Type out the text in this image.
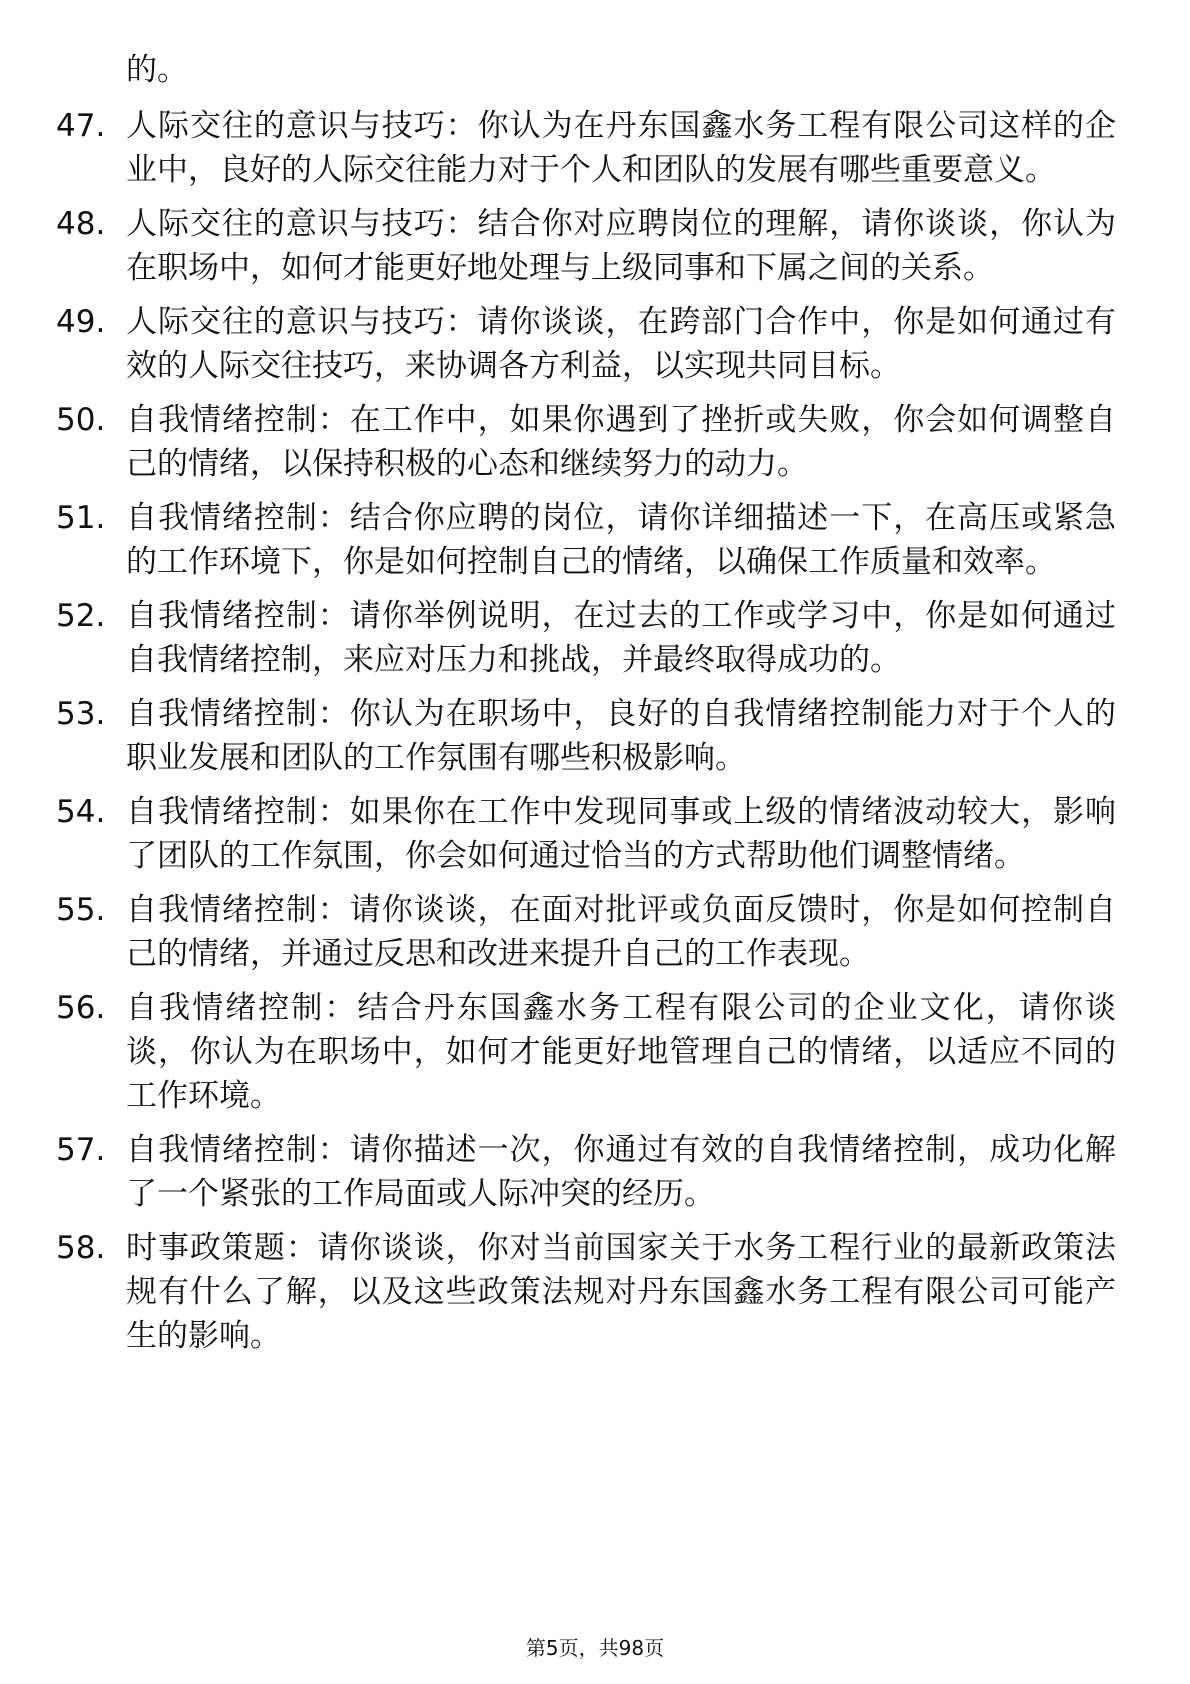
的。
47. 人际交往的意识与技巧：你认为在丹东国鑫水务工程有限公司这样的企业中，良好的人际交往能力对于个人和团队的发展有哪些重要意义。
48. 人际交往的意识与技巧：结合你对应聘岗位的理解，请你谈谈，你认为在职场中，如何才能更好地处理与上级同事和下属之间的关系。
49. 人际交往的意识与技巧：请你谈谈，在跨部门合作中，你是如何通过有效的人际交往技巧，来协调各方利益，以实现共同目标。
50. 自我情绪控制：在工作中，如果你遇到了挫折或失败，你会如何调整自己的情绪，以保持积极的心态和继续努力的动力。
51. 自我情绪控制：结合你应聘的岗位，请你详细描述一下，在高压或紧急的工作环境下，你是如何控制自己的情绪，以确保工作质量和效率。
52. 自我情绪控制：请你举例说明，在过去的工作或学习中，你是如何通过自我情绪控制，来应对压力和挑战，并最终取得成功的。
53. 自我情绪控制：你认为在职场中，良好的自我情绪控制能力对于个人的职业发展和团队的工作氛围有哪些积极影响。
54. 自我情绪控制：如果你在工作中发现同事或上级的情绪波动较大，影响了团队的工作氛围，你会如何通过恰当的方式帮助他们调整情绪。
55. 自我情绪控制：请你谈谈，在面对批评或负面反馈时，你是如何控制自己的情绪，并通过反思和改进来提升自己的工作表现。
56. 自我情绪控制：结合丹东国鑫水务工程有限公司的企业文化，请你谈谈，你认为在职场中，如何才能更好地管理自己的情绪，以适应不同的工作环境。
57. 自我情绪控制：请你描述一次，你通过有效的自我情绪控制，成功化解了一个紧张的工作局面或人际冲突的经历。
58. 时事政策题：请你谈谈，你对当前国家关于水务工程行业的最新政策法规有什么了解，以及这些政策法规对丹东国鑫水务工程有限公司可能产生的影响。
第5页，共98页
